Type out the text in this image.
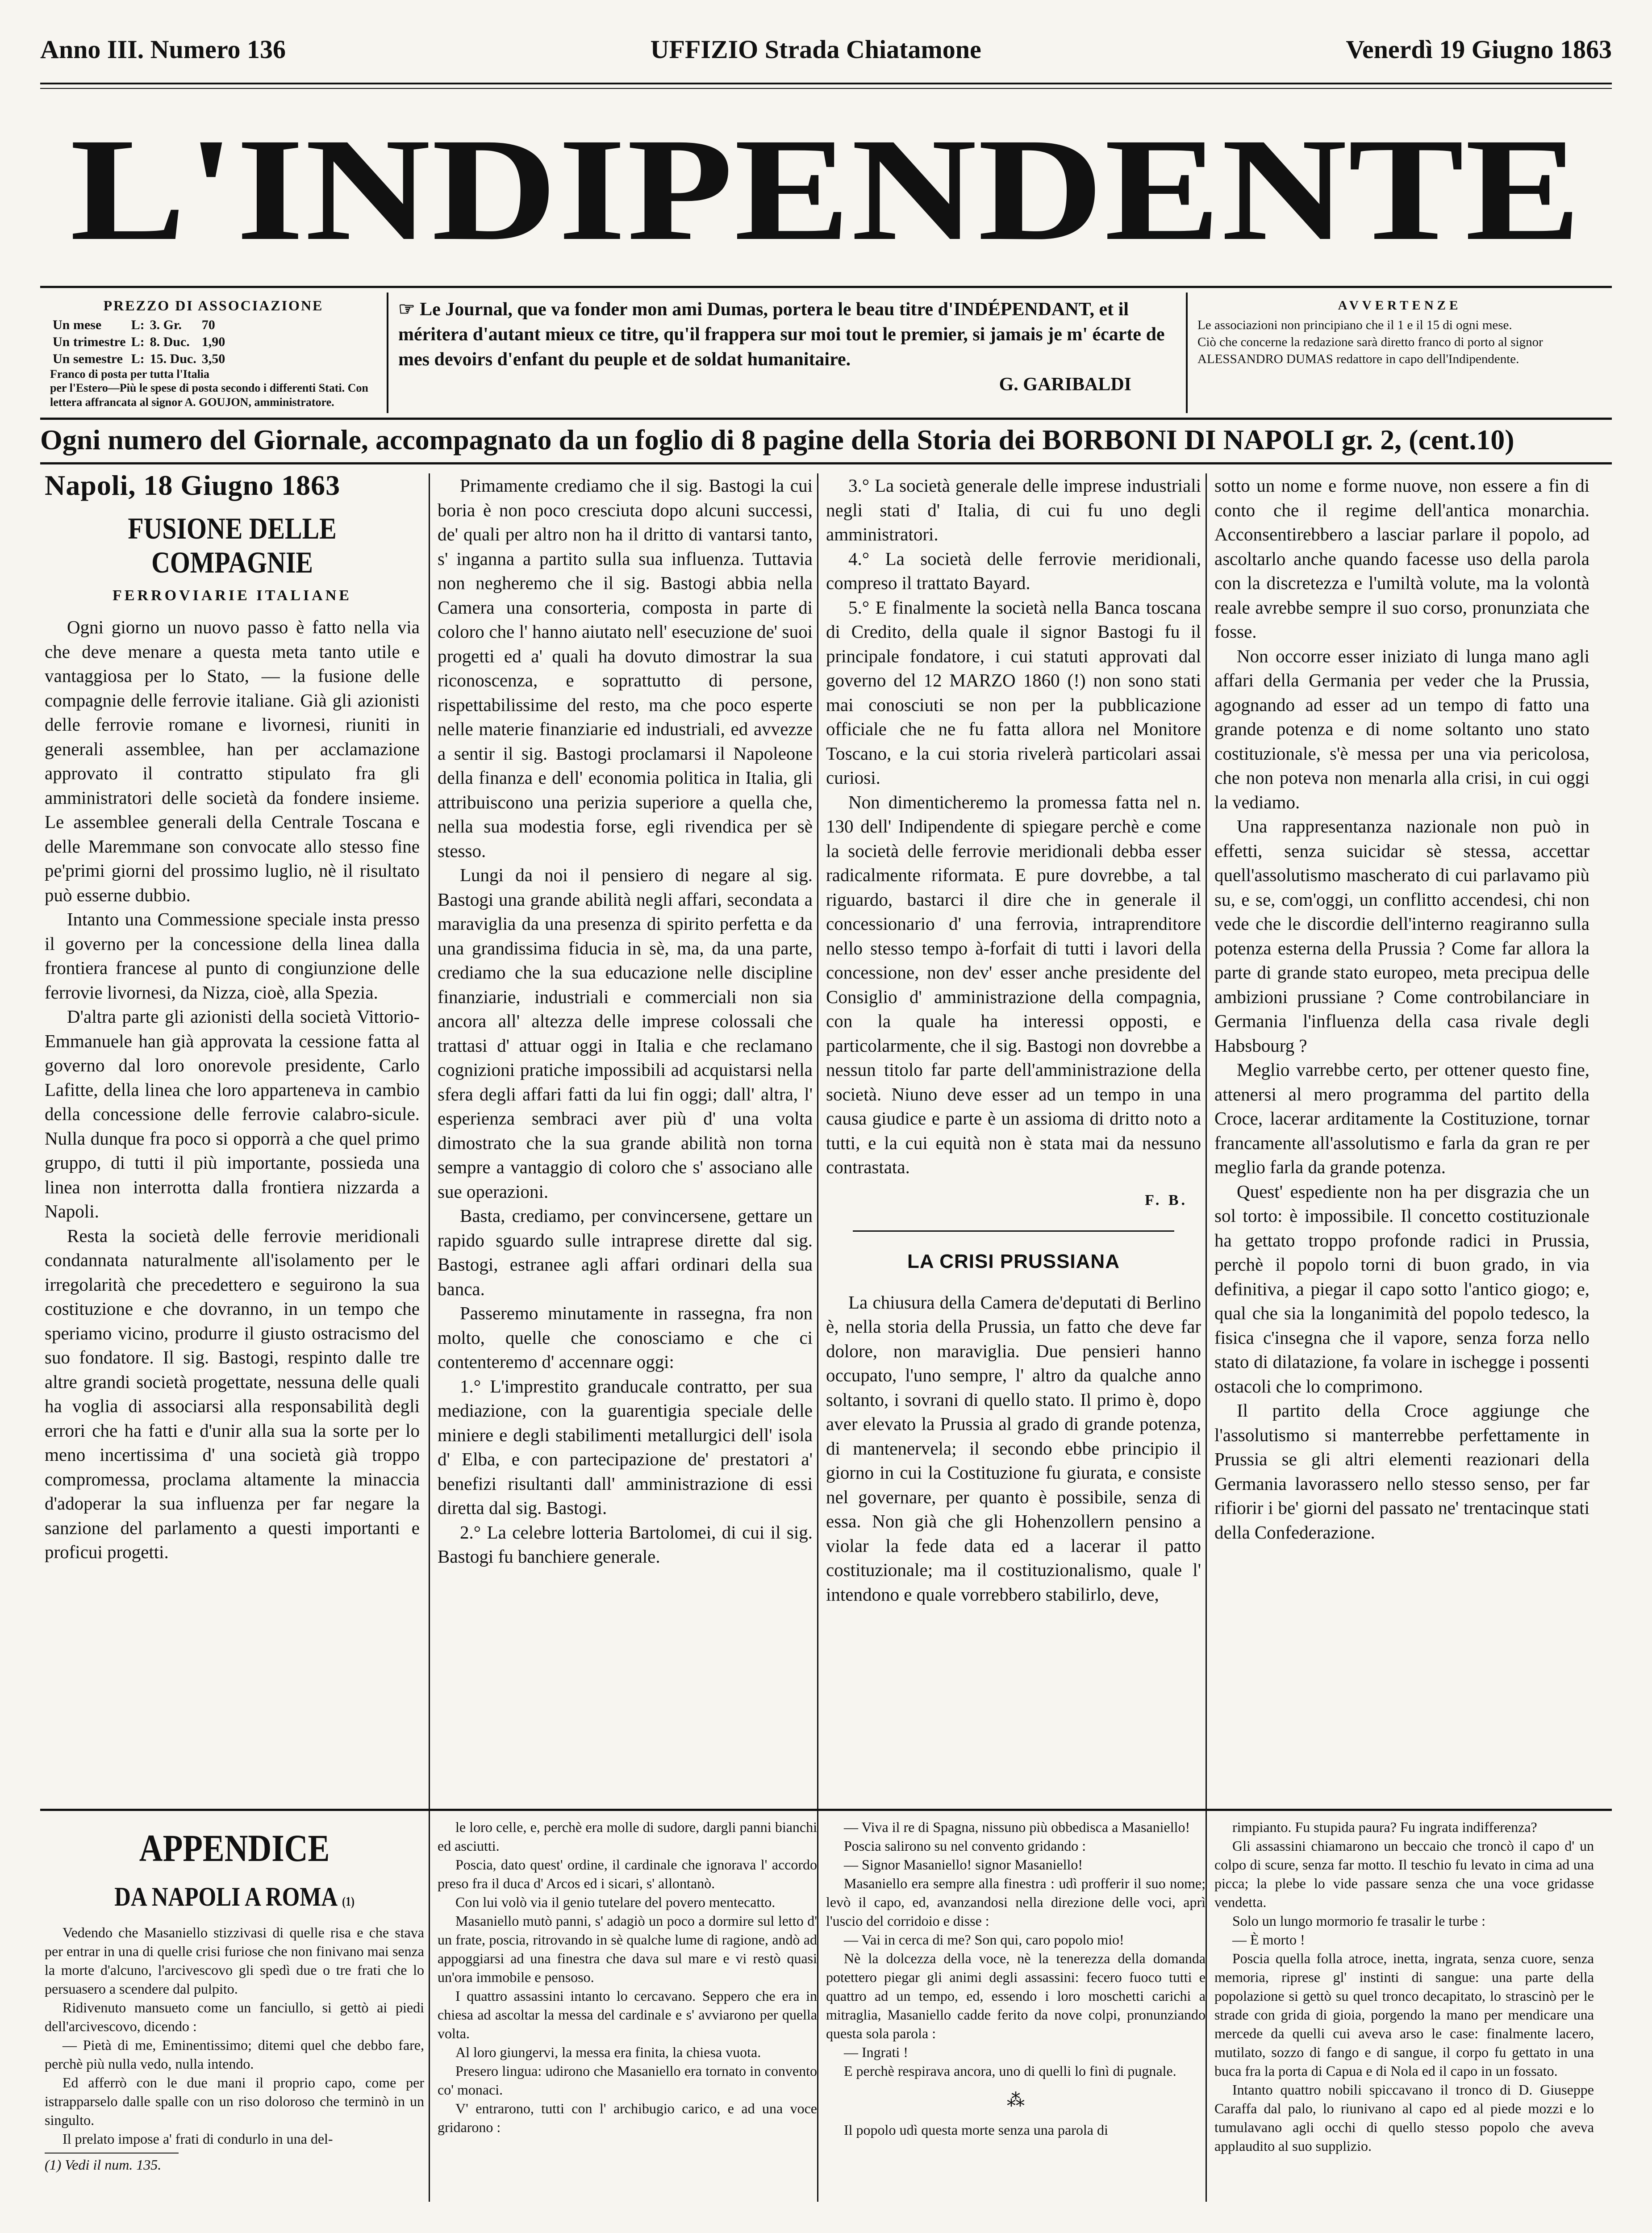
Anno III. Numero 136	UFFIZIO Strada Chiatamone	Venerdì 19 Giugno 1863
L'INDIPENDENTE
PREZZO DI ASSOCIAZIONE
Un mese	L:	3. Gr.	70
Un trimestre	L:	8. Duc.	1,90
Un semestre	L:	15. Duc.	3,50
Franco di posta per tutta l'Italia
per l'Estero—Più le spese di posta secondo i differenti Stati. Con lettera affrancata al signor A. GOUJON, amministratore.
☞ Le Journal, que va fonder mon ami Dumas, portera le beau titre d'INDÉPENDANT, et il méritera d'autant mieux ce titre, qu'il frappera sur moi tout le premier, si jamais je m' écarte de mes devoirs d'enfant du peuple et de soldat humanitaire.
G. GARIBALDI
AVVERTENZE
Le associazioni non principiano che il 1 e il 15 di ogni mese.
Ciò che concerne la redazione sarà diretto franco di porto al signor ALESSANDRO DUMAS redattore in capo dell'Indipendente.
Ogni numero del Giornale, accompagnato da un foglio di 8 pagine della Storia dei BORBONI DI NAPOLI gr. 2, (cent.10)
Napoli, 18 Giugno 1863
FUSIONE DELLE COMPAGNIE
FERROVIARIE ITALIANE

Ogni giorno un nuovo passo è fatto nella via che deve menare a questa meta tanto utile e vantaggiosa per lo Stato, — la fusione delle compagnie delle ferrovie italiane. Già gli azionisti delle ferrovie romane e livornesi, riuniti in generali assemblee, han per acclamazione approvato il contratto stipulato fra gli amministratori delle società da fondere insieme. Le assemblee generali della Centrale Toscana e delle Maremmane son convocate allo stesso fine pe'primi giorni del prossimo luglio, nè il risultato può esserne dubbio.

Intanto una Commessione speciale insta presso il governo per la concessione della linea dalla frontiera francese al punto di congiunzione delle ferrovie livornesi, da Nizza, cioè, alla Spezia.

D'altra parte gli azionisti della società Vittorio-Emmanuele han già approvata la cessione fatta al governo dal loro onorevole presidente, Carlo Lafitte, della linea che loro apparteneva in cambio della concessione delle ferrovie calabro-sicule. Nulla dunque fra poco si opporrà a che quel primo gruppo, di tutti il più importante, possieda una linea non interrotta dalla frontiera nizzarda a Napoli.

Resta la società delle ferrovie meridionali condannata naturalmente all'isolamento per le irregolarità che precedettero e seguirono la sua costituzione e che dovranno, in un tempo che speriamo vicino, produrre il giusto ostracismo del suo fondatore. Il sig. Bastogi, respinto dalle tre altre grandi società progettate, nessuna delle quali ha voglia di associarsi alla responsabilità degli errori che ha fatti e d'unir alla sua la sorte per lo meno incertissima d' una società già troppo compromessa, proclama altamente la minaccia d'adoperar la sua influenza per far negare la sanzione del parlamento a questi importanti e proficui progetti.

Primamente crediamo che il sig. Bastogi la cui boria è non poco cresciuta dopo alcuni successi, de' quali per altro non ha il dritto di vantarsi tanto, s' inganna a partito sulla sua influenza. Tuttavia non negheremo che il sig. Bastogi abbia nella Camera una consorteria, composta in parte di coloro che l' hanno aiutato nell' esecuzione de' suoi progetti ed a' quali ha dovuto dimostrar la sua riconoscenza, e soprattutto di persone, rispettabilissime del resto, ma che poco esperte nelle materie finanziarie ed industriali, ed avvezze a sentir il sig. Bastogi proclamarsi il Napoleone della finanza e dell' economia politica in Italia, gli attribuiscono una perizia superiore a quella che, nella sua modestia forse, egli rivendica per sè stesso.

Lungi da noi il pensiero di negare al sig. Bastogi una grande abilità negli affari, secondata a maraviglia da una presenza di spirito perfetta e da una grandissima fiducia in sè, ma, da una parte, crediamo che la sua educazione nelle discipline finanziarie, industriali e commerciali non sia ancora all' altezza delle imprese colossali che trattasi d' attuar oggi in Italia e che reclamano cognizioni pratiche impossibili ad acquistarsi nella sfera degli affari fatti da lui fin oggi; dall' altra, l' esperienza sembraci aver più d' una volta dimostrato che la sua grande abilità non torna sempre a vantaggio di coloro che s' associano alle sue operazioni.

Basta, crediamo, per convincersene, gettare un rapido sguardo sulle intraprese dirette dal sig. Bastogi, estranee agli affari ordinari della sua banca.

Passeremo minutamente in rassegna, fra non molto, quelle che conosciamo e che ci contenteremo d' accennare oggi:

1.° L'imprestito granducale contratto, per sua mediazione, con la guarentigia speciale delle miniere e degli stabilimenti metallurgici dell' isola d' Elba, e con partecipazione de' prestatori a' benefizi risultanti dall' amministrazione di essi diretta dal sig. Bastogi.

2.° La celebre lotteria Bartolomei, di cui il sig. Bastogi fu banchiere generale.

3.° La società generale delle imprese industriali negli stati d' Italia, di cui fu uno degli amministratori.

4.° La società delle ferrovie meridionali, compreso il trattato Bayard.

5.° E finalmente la società nella Banca toscana di Credito, della quale il signor Bastogi fu il principale fondatore, i cui statuti approvati dal governo del 12 MARZO 1860 (!) non sono stati mai conosciuti se non per la pubblicazione officiale che ne fu fatta allora nel Monitore Toscano, e la cui storia rivelerà particolari assai curiosi.

Non dimenticheremo la promessa fatta nel n. 130 dell' Indipendente di spiegare perchè e come la società delle ferrovie meridionali debba esser radicalmente riformata. E pure dovrebbe, a tal riguardo, bastarci il dire che in generale il concessionario d' una ferrovia, intraprenditore nello stesso tempo à-forfait di tutti i lavori della concessione, non dev' esser anche presidente del Consiglio d' amministrazione della compagnia, con la quale ha interessi opposti, e particolarmente, che il sig. Bastogi non dovrebbe a nessun titolo far parte dell'amministrazione della società. Niuno deve esser ad un tempo in una causa giudice e parte è un assioma di dritto noto a tutti, e la cui equità non è stata mai da nessuno contrastata.

F. B.
LA CRISI PRUSSIANA

La chiusura della Camera de'deputati di Berlino è, nella storia della Prussia, un fatto che deve far dolore, non maraviglia. Due pensieri hanno occupato, l'uno sempre, l' altro da qualche anno soltanto, i sovrani di quello stato. Il primo è, dopo aver elevato la Prussia al grado di grande potenza, di mantenervela; il secondo ebbe principio il giorno in cui la Costituzione fu giurata, e consiste nel governare, per quanto è possibile, senza di essa. Non già che gli Hohenzollern pensino a violar la fede data ed a lacerar il patto costituzionale; ma il costituzionalismo, quale l' intendono e quale vorrebbero stabilirlo, deve,

sotto un nome e forme nuove, non essere a fin di conto che il regime dell'antica monarchia. Acconsentirebbero a lasciar parlare il popolo, ad ascoltarlo anche quando facesse uso della parola con la discretezza e l'umiltà volute, ma la volontà reale avrebbe sempre il suo corso, pronunziata che fosse.

Non occorre esser iniziato di lunga mano agli affari della Germania per veder che la Prussia, agognando ad esser ad un tempo di fatto una grande potenza e di nome soltanto uno stato costituzionale, s'è messa per una via pericolosa, che non poteva non menarla alla crisi, in cui oggi la vediamo.

Una rappresentanza nazionale non può in effetti, senza suicidar sè stessa, accettar quell'assolutismo mascherato di cui parlavamo più su, e se, com'oggi, un conflitto accendesi, chi non vede che le discordie dell'interno reagiranno sulla potenza esterna della Prussia ? Come far allora la parte di grande stato europeo, meta precipua delle ambizioni prussiane ? Come controbilanciare in Germania l'influenza della casa rivale degli Habsbourg ?

Meglio varrebbe certo, per ottener questo fine, attenersi al mero programma del partito della Croce, lacerar arditamente la Costituzione, tornar francamente all'assolutismo e farla da gran re per meglio farla da grande potenza.

Quest' espediente non ha per disgrazia che un sol torto: è impossibile. Il concetto costituzionale ha gettato troppo profonde radici in Prussia, perchè il popolo torni di buon grado, in via definitiva, a piegar il capo sotto l'antico giogo; e, qual che sia la longanimità del popolo tedesco, la fisica c'insegna che il vapore, senza forza nello stato di dilatazione, fa volare in ischegge i possenti ostacoli che lo comprimono.

Il partito della Croce aggiunge che l'assolutismo si manterrebbe perfettamente in Prussia se gli altri elementi reazionari della Germania lavorassero nello stesso senso, per far rifiorir i be' giorni del passato ne' trentacinque stati della Confederazione.

APPENDICE
DA NAPOLI A ROMA (1)

Vedendo che Masaniello stizzivasi di quelle risa e che stava per entrar in una di quelle crisi furiose che non finivano mai senza la morte d'alcuno, l'arcivescovo gli spedì due o tre frati che lo persuasero a scendere dal pulpito.

Ridivenuto mansueto come un fanciullo, si gettò ai piedi dell'arcivescovo, dicendo :

— Pietà di me, Eminentissimo; ditemi quel che debbo fare, perchè più nulla vedo, nulla intendo.

Ed afferrò con le due mani il proprio capo, come per istrapparselo dalle spalle con un riso doloroso che terminò in un singulto.

Il prelato impose a' frati di condurlo in una del-

(1) Vedi il num. 135.

le loro celle, e, perchè era molle di sudore, dargli panni bianchi ed asciutti.

Poscia, dato quest' ordine, il cardinale che ignorava l' accordo preso fra il duca d' Arcos ed i sicari, s' allontanò.

Con lui volò via il genio tutelare del povero mentecatto.

Masaniello mutò panni, s' adagiò un poco a dormire sul letto d' un frate, poscia, ritrovando in sè qualche lume di ragione, andò ad appoggiarsi ad una finestra che dava sul mare e vi restò quasi un'ora immobile e pensoso.

I quattro assassini intanto lo cercavano. Seppero che era in chiesa ad ascoltar la messa del cardinale e s' avviarono per quella volta.

Al loro giungervi, la messa era finita, la chiesa vuota.

Presero lingua: udirono che Masaniello era tornato in convento co' monaci.

V' entrarono, tutti con l' archibugio carico, e ad una voce gridarono :

— Viva il re di Spagna, nissuno più obbedisca a Masaniello!

Poscia salirono su nel convento gridando :

— Signor Masaniello! signor Masaniello!

Masaniello era sempre alla finestra : udì profferir il suo nome; levò il capo, ed, avanzandosi nella direzione delle voci, aprì l'uscio del corridoio e disse :

— Vai in cerca di me? Son qui, caro popolo mio!

Nè la dolcezza della voce, nè la tenerezza della domanda potettero piegar gli animi degli assassini: fecero fuoco tutti e quattro ad un tempo, ed, essendo i loro moschetti carichi a mitraglia, Masaniello cadde ferito da nove colpi, pronunziando questa sola parola :

— Ingrati !

E perchè respirava ancora, uno di quelli lo finì di pugnale.

⁂

Il popolo udì questa morte senza una parola di

rimpianto. Fu stupida paura? Fu ingrata indifferenza?

Gli assassini chiamarono un beccaio che troncò il capo d' un colpo di scure, senza far motto. Il teschio fu levato in cima ad una picca; la plebe lo vide passare senza che una voce gridasse vendetta.

Solo un lungo mormorio fe trasalir le turbe :

— È morto !

Poscia quella folla atroce, inetta, ingrata, senza cuore, senza memoria, riprese gl' instinti di sangue: una parte della popolazione si gettò su quel tronco decapitato, lo strascinò per le strade con grida di gioia, porgendo la mano per mendicare una mercede da quelli cui aveva arso le case: finalmente lacero, mutilato, sozzo di fango e di sangue, il corpo fu gettato in una buca fra la porta di Capua e di Nola ed il capo in un fossato.

Intanto quattro nobili spiccavano il tronco di D. Giuseppe Caraffa dal palo, lo riunivano al capo ed al piede mozzi e lo tumulavano agli occhi di quello stesso popolo che aveva applaudito al suo supplizio.
